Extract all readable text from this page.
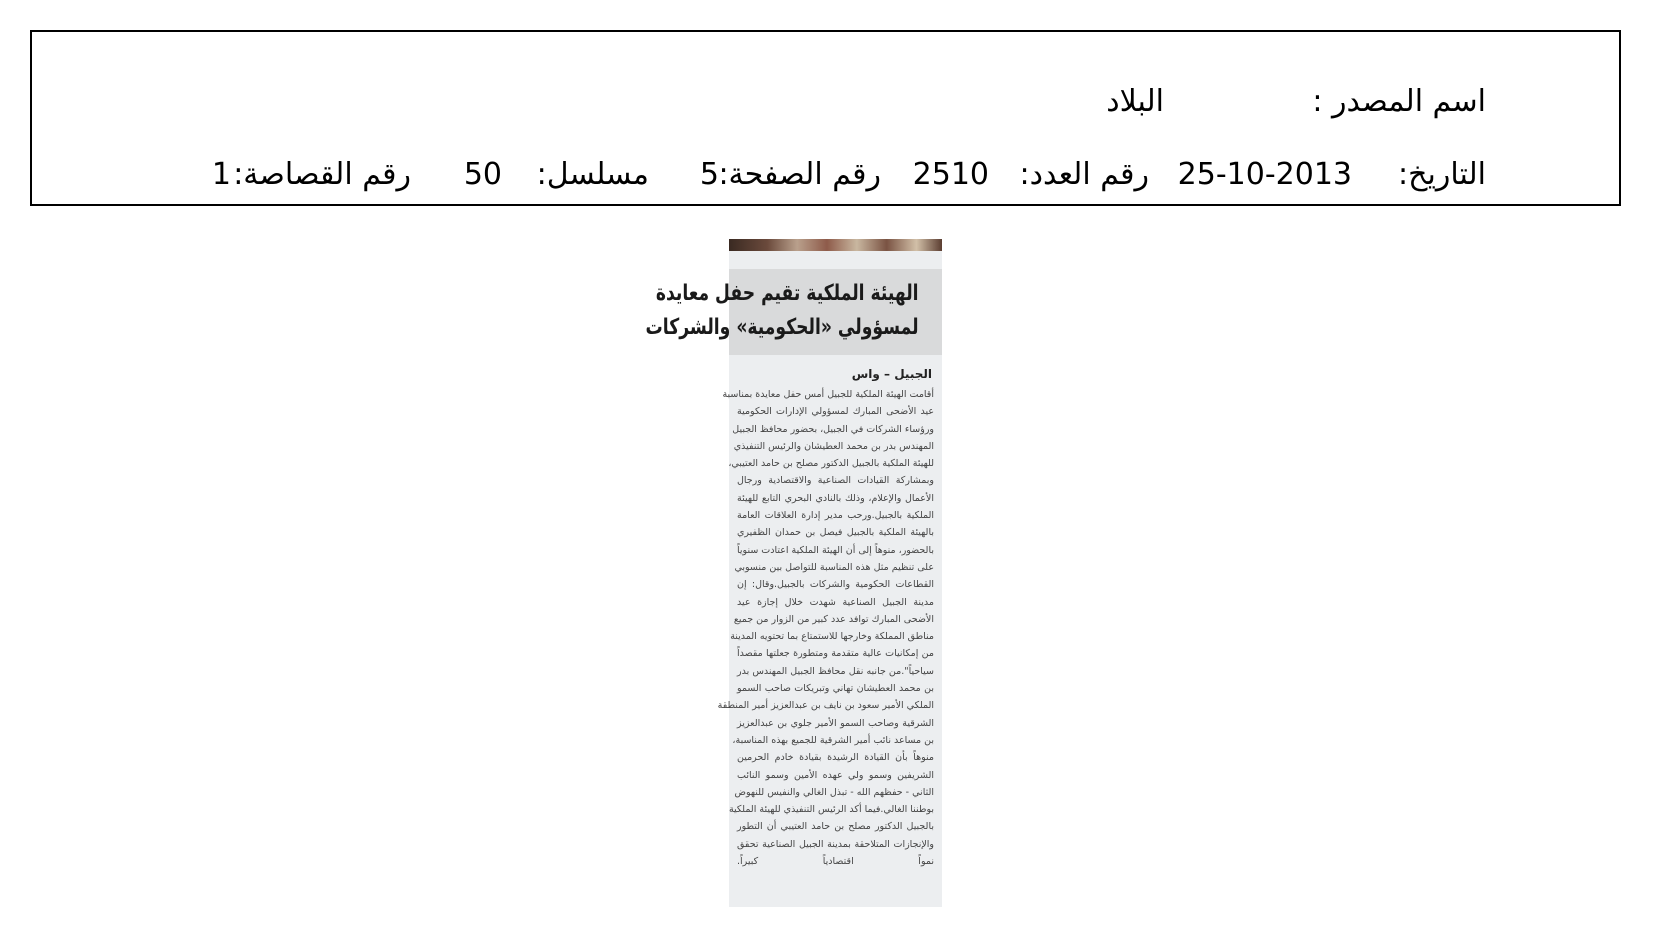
اسم المصدر :
البلاد
التاريخ:
25-10-2013
رقم العدد:
2510
رقم الصفحة:
5
مسلسل:
50
رقم القصاصة:
1
الهيئة الملكية تقيم حفل معايدة
لمسؤولي «الحكومية» والشركات
الجبيل – واس
أقامت الهيئة الملكية للجبيل أمس حفل معايدة بمناسبة
عيد الأضحى المبارك لمسؤولي الإدارات الحكومية
ورؤساء الشركات في الجبيل، بحضور محافظ الجبيل
المهندس بدر بن محمد العطيشان والرئيس التنفيذي
للهيئة الملكية بالجبيل الدكتور مصلح بن حامد العتيبي،
وبمشاركة القيادات الصناعية والاقتصادية ورجال
الأعمال والإعلام، وذلك بالنادي البحري التابع للهيئة
الملكية بالجبيل.ورحب مدير إدارة العلاقات العامة
بالهيئة الملكية بالجبيل فيصل بن حمدان الظفيري
بالحضور، منوهاً إلى أن الهيئة الملكية اعتادت سنوياً
على تنظيم مثل هذه المناسبة للتواصل بين منسوبي
القطاعات الحكومية والشركات بالجبيل.وقال: إن
مدينة الجبيل الصناعية شهدت خلال إجازة عيد
الأضحى المبارك توافد عدد كبير من الزوار من جميع
مناطق المملكة وخارجها للاستمتاع بما تحتويه المدينة
من إمكانيات عالية متقدمة ومتطورة جعلتها مقصداً
سياحياً".من جانبه نقل محافظ الجبيل المهندس بدر
بن محمد العطيشان تهاني وتبريكات صاحب السمو
الملكي الأمير سعود بن نايف بن عبدالعزيز أمير المنطقة
الشرقية وصاحب السمو الأمير جلوي بن عبدالعزيز
بن مساعد نائب أمير الشرقية للجميع بهذه المناسبة،
منوهاً بأن القيادة الرشيدة بقيادة خادم الحرمين
الشريفين وسمو ولي عهده الأمين وسمو النائب
الثاني - حفظهم الله - تبذل الغالي والنفيس للنهوض
بوطننا الغالي.فيما أكد الرئيس التنفيذي للهيئة الملكية
بالجبيل الدكتور مصلح بن حامد العتيبي أن التطور
والإنجازات المتلاحقة بمدينة الجبيل الصناعية تحقق
نمواً اقتصادياً كبيراً.
